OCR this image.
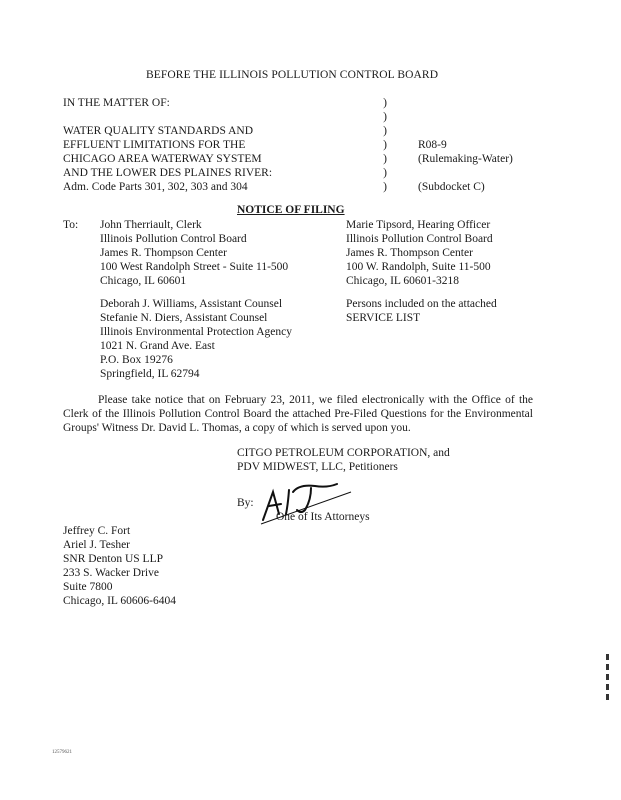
BEFORE THE ILLINOIS POLLUTION CONTROL BOARD
IN THE MATTER OF:
WATER QUALITY STANDARDS AND
EFFLUENT LIMITATIONS FOR THE
CHICAGO AREA WATERWAY SYSTEM
AND THE LOWER DES PLAINES RIVER:
Adm. Code Parts 301, 302, 303 and 304
)
)
)
)
)
)
)
R08-9
(Rulemaking-Water)
(Subdocket C)
NOTICE OF FILING
To: John Therriault, Clerk
Illinois Pollution Control Board
James R. Thompson Center
100 West Randolph Street - Suite 11-500
Chicago, IL 60601
Marie Tipsord, Hearing Officer
Illinois Pollution Control Board
James R. Thompson Center
100 W. Randolph, Suite 11-500
Chicago, IL 60601-3218
Deborah J. Williams, Assistant Counsel
Stefanie N. Diers, Assistant Counsel
Illinois Environmental Protection Agency
1021 N. Grand Ave. East
P.O. Box 19276
Springfield, IL 62794
Persons included on the attached
SERVICE LIST
Please take notice that on February 23, 2011, we filed electronically with the Office of the Clerk of the Illinois Pollution Control Board the attached Pre-Filed Questions for the Environmental Groups' Witness Dr. David L. Thomas, a copy of which is served upon you.
CITGO PETROLEUM CORPORATION, and
PDV MIDWEST, LLC, Petitioners
By:
One of Its Attorneys
Jeffrey C. Fort
Ariel J. Tesher
SNR Denton US LLP
233 S. Wacker Drive
Suite 7800
Chicago, IL 60606-6404
12579621
